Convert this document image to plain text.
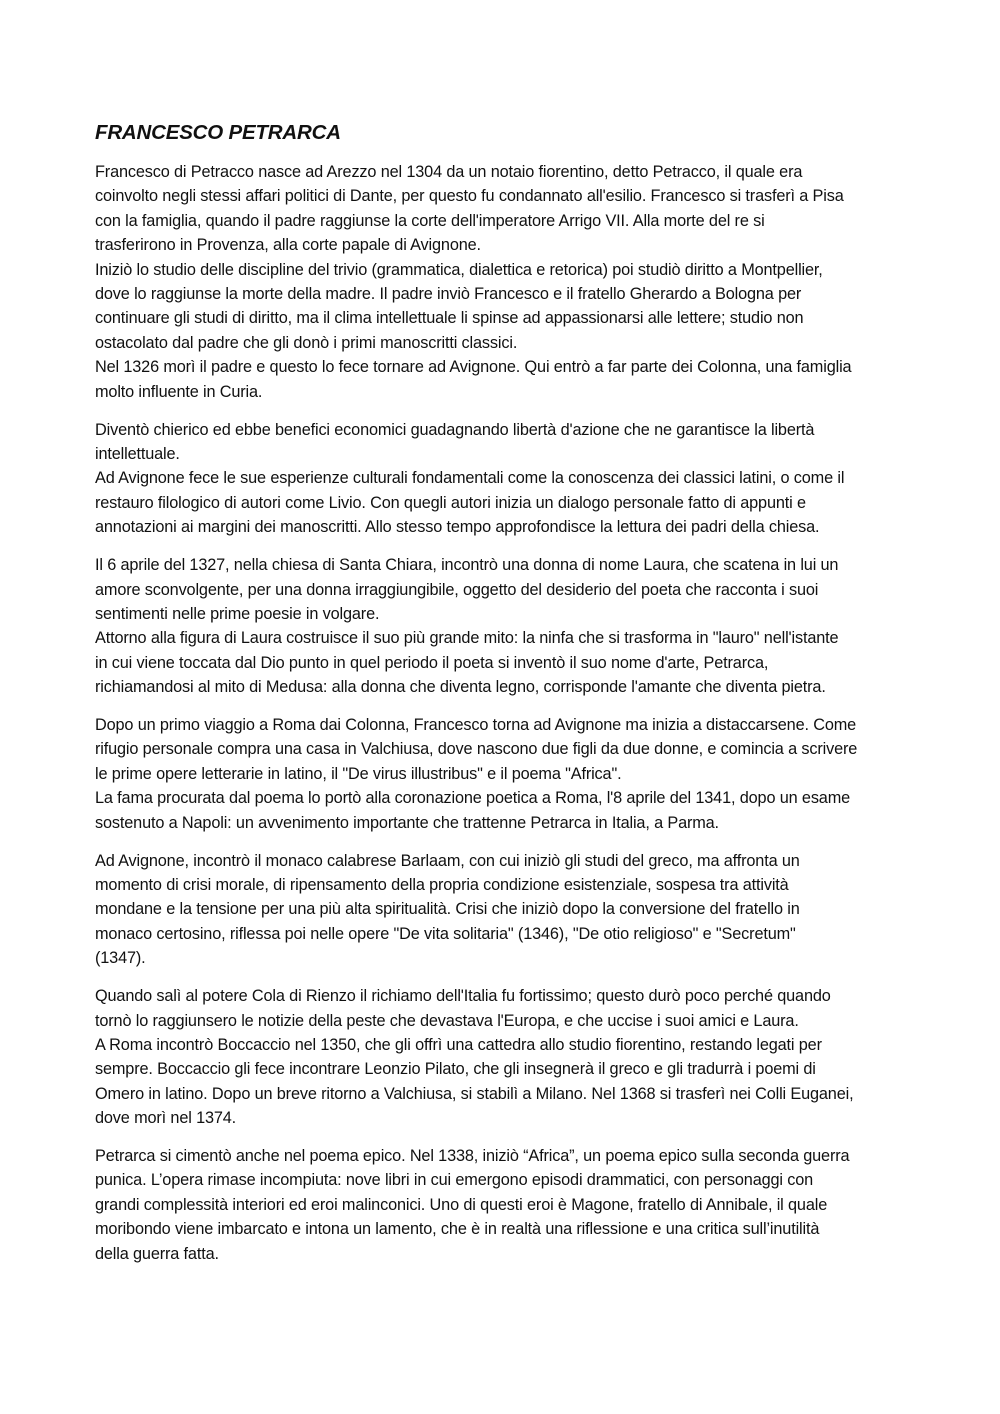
FRANCESCO PETRARCA

Francesco di Petracco nasce ad Arezzo nel 1304 da un notaio fiorentino, detto Petracco, il quale era
coinvolto negli stessi affari politici di Dante, per questo fu condannato all'esilio. Francesco si trasferì a Pisa
con la famiglia, quando il padre raggiunse la corte dell'imperatore Arrigo VII. Alla morte del re si
trasferirono in Provenza, alla corte papale di Avignone.
Iniziò lo studio delle discipline del trivio (grammatica, dialettica e retorica) poi studiò diritto a Montpellier,
dove lo raggiunse la morte della madre. Il padre inviò Francesco e il fratello Gherardo a Bologna per
continuare gli studi di diritto, ma il clima intellettuale li spinse ad appassionarsi alle lettere; studio non
ostacolato dal padre che gli donò i primi manoscritti classici.
Nel 1326 morì il padre e questo lo fece tornare ad Avignone. Qui entrò a far parte dei Colonna, una famiglia
molto influente in Curia.

Diventò chierico ed ebbe benefici economici guadagnando libertà d'azione che ne garantisce la libertà
intellettuale.
Ad Avignone fece le sue esperienze culturali fondamentali come la conoscenza dei classici latini, o come il
restauro filologico di autori come Livio. Con quegli autori inizia un dialogo personale fatto di appunti e
annotazioni ai margini dei manoscritti. Allo stesso tempo approfondisce la lettura dei padri della chiesa.

Il 6 aprile del 1327, nella chiesa di Santa Chiara, incontrò una donna di nome Laura, che scatena in lui un
amore sconvolgente, per una donna irraggiungibile, oggetto del desiderio del poeta che racconta i suoi
sentimenti nelle prime poesie in volgare.
Attorno alla figura di Laura costruisce il suo più grande mito: la ninfa che si trasforma in "lauro" nell'istante
in cui viene toccata dal Dio punto in quel periodo il poeta si inventò il suo nome d'arte, Petrarca,
richiamandosi al mito di Medusa: alla donna che diventa legno, corrisponde l'amante che diventa pietra.

Dopo un primo viaggio a Roma dai Colonna, Francesco torna ad Avignone ma inizia a distaccarsene. Come
rifugio personale compra una casa in Valchiusa, dove nascono due figli da due donne, e comincia a scrivere
le prime opere letterarie in latino, il "De virus illustribus" e il poema "Africa".
La fama procurata dal poema lo portò alla coronazione poetica a Roma, l'8 aprile del 1341, dopo un esame
sostenuto a Napoli: un avvenimento importante che trattenne Petrarca in Italia, a Parma.

Ad Avignone, incontrò il monaco calabrese Barlaam, con cui iniziò gli studi del greco, ma affronta un
momento di crisi morale, di ripensamento della propria condizione esistenziale, sospesa tra attività
mondane e la tensione per una più alta spiritualità. Crisi che iniziò dopo la conversione del fratello in
monaco certosino, riflessa poi nelle opere "De vita solitaria" (1346), "De otio religioso" e "Secretum"
(1347).

Quando salì al potere Cola di Rienzo il richiamo dell'Italia fu fortissimo; questo durò poco perché quando
tornò lo raggiunsero le notizie della peste che devastava l'Europa, e che uccise i suoi amici e Laura.
A Roma incontrò Boccaccio nel 1350, che gli offrì una cattedra allo studio fiorentino, restando legati per
sempre. Boccaccio gli fece incontrare Leonzio Pilato, che gli insegnerà il greco e gli tradurrà i poemi di
Omero in latino. Dopo un breve ritorno a Valchiusa, si stabilì a Milano. Nel 1368 si trasferì nei Colli Euganei,
dove morì nel 1374.

Petrarca si cimentò anche nel poema epico. Nel 1338, iniziò “Africa”, un poema epico sulla seconda guerra
punica. L’opera rimase incompiuta: nove libri in cui emergono episodi drammatici, con personaggi con
grandi complessità interiori ed eroi malinconici. Uno di questi eroi è Magone, fratello di Annibale, il quale
moribondo viene imbarcato e intona un lamento, che è in realtà una riflessione e una critica sull’inutilità
della guerra fatta.
